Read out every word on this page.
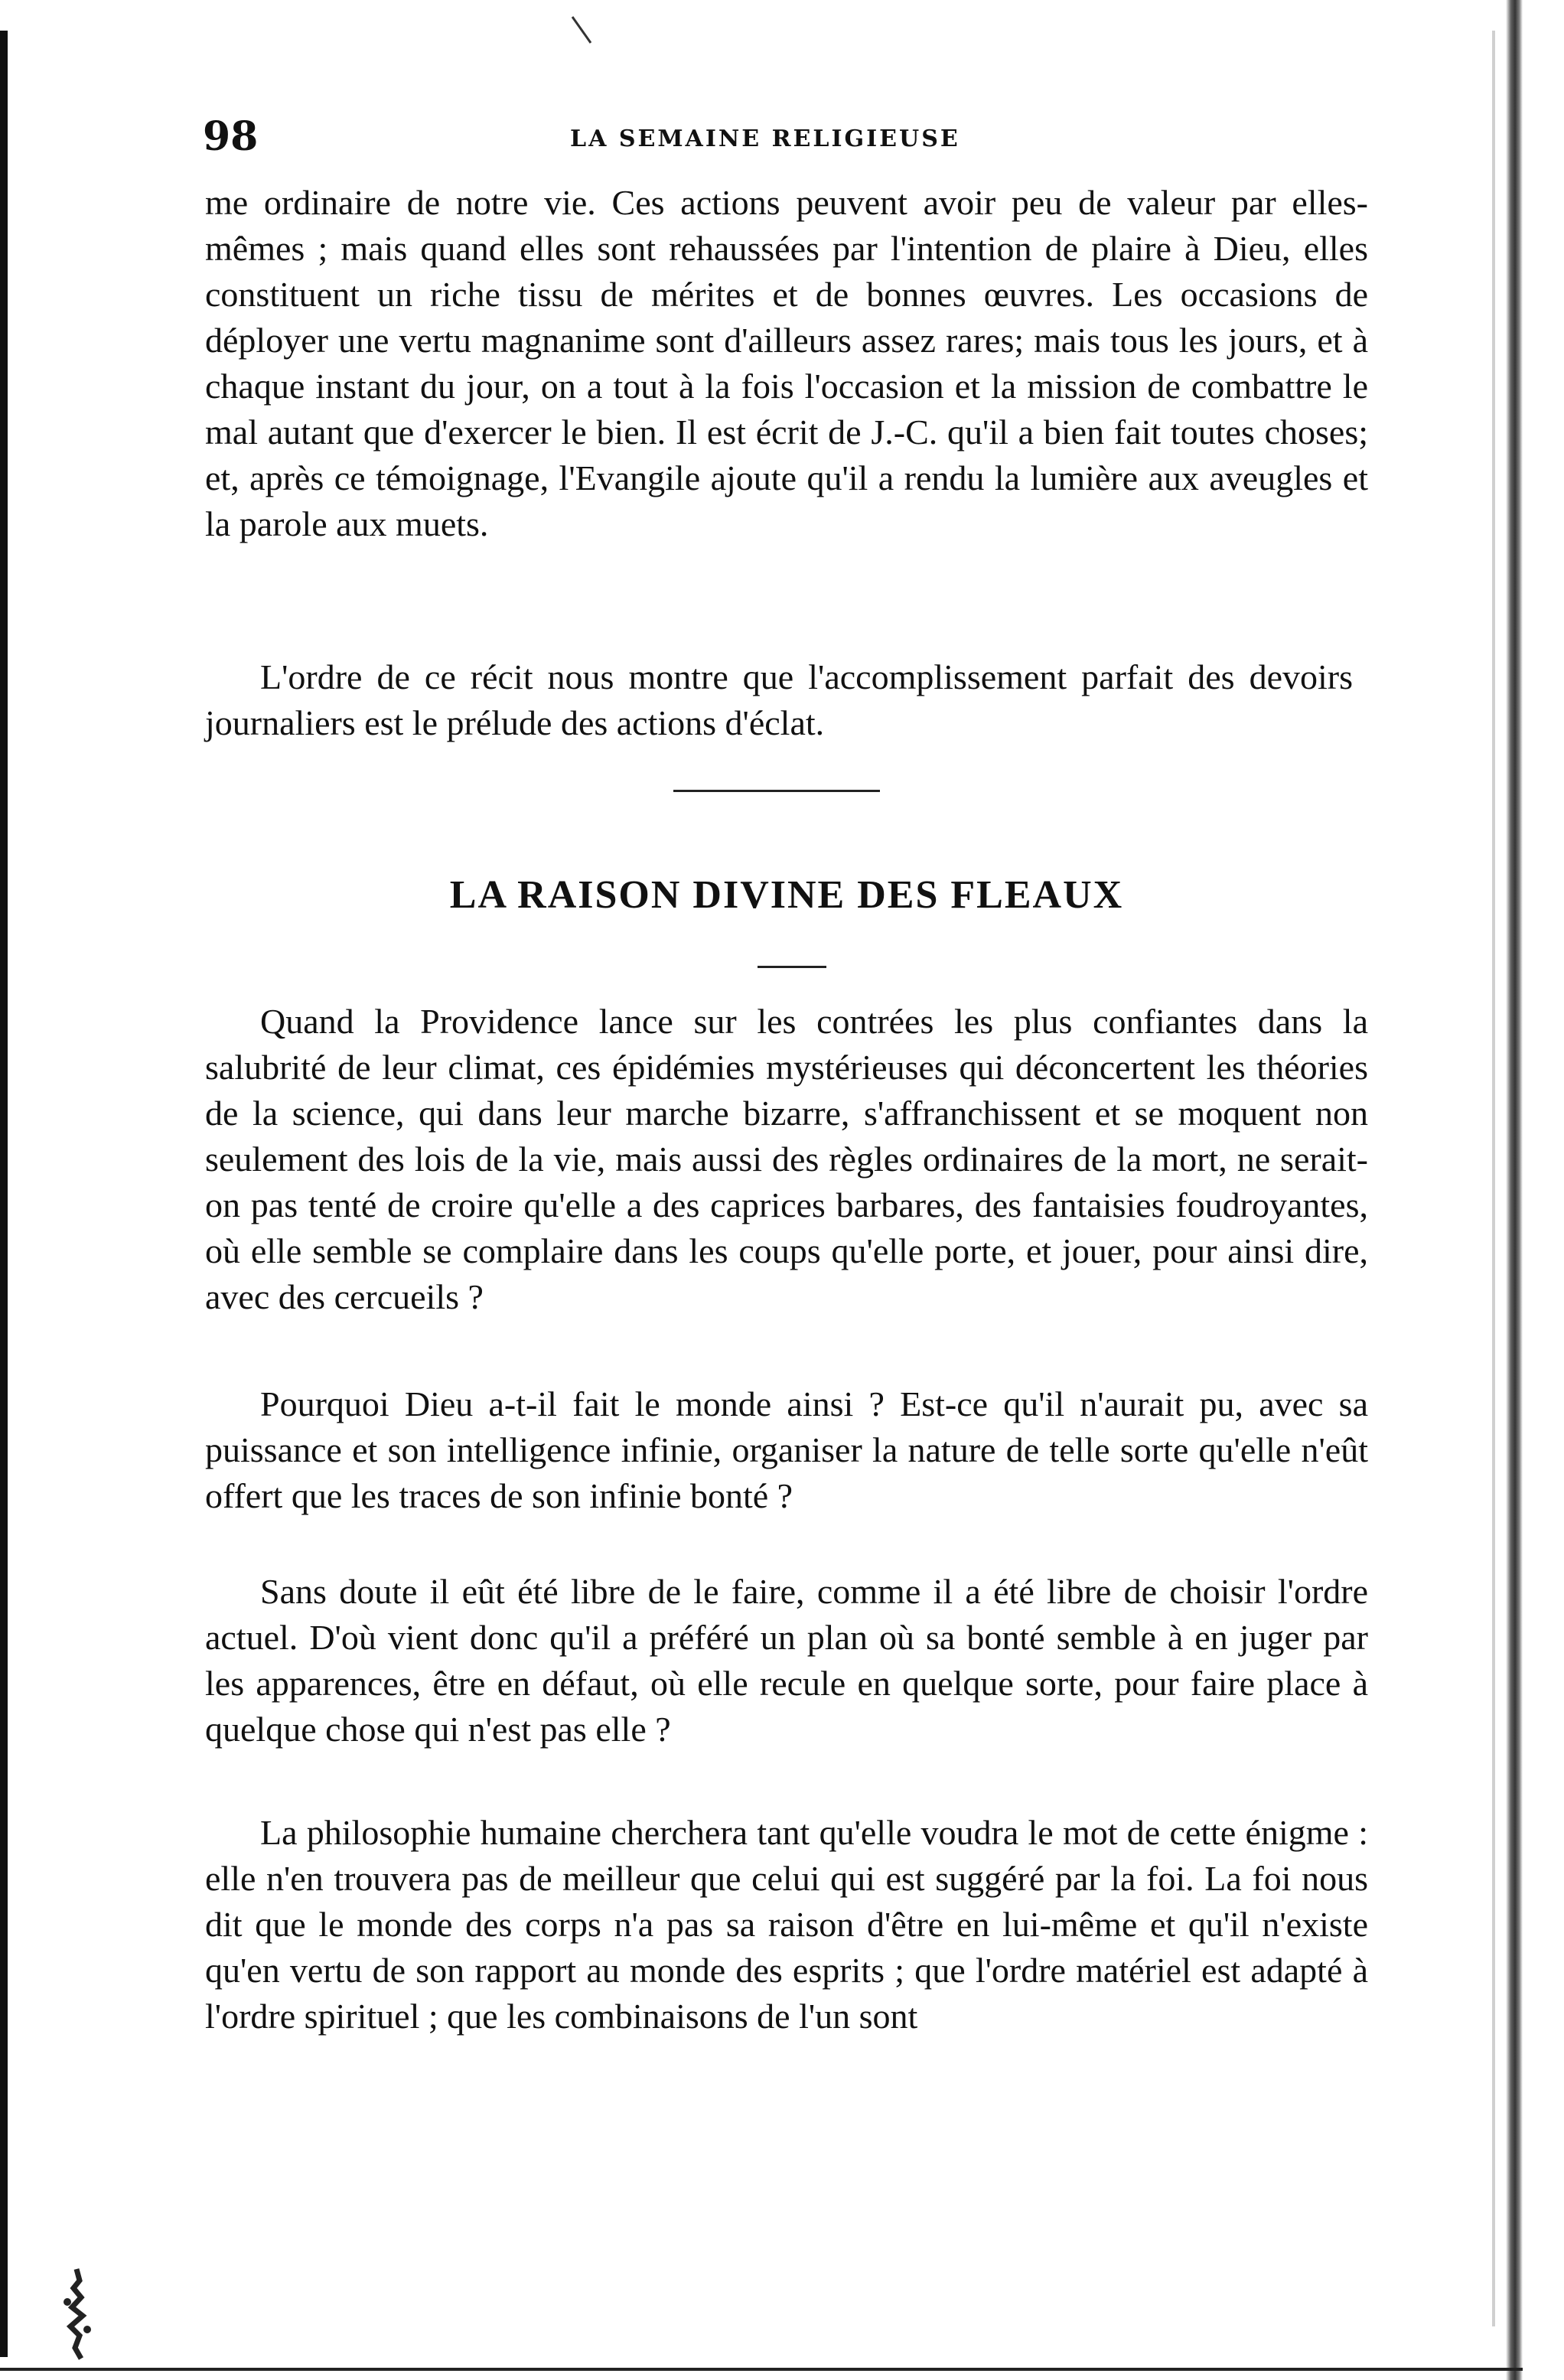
98	LA SEMAINE RELIGIEUSE

me ordinaire de notre vie. Ces actions peuvent avoir peu de valeur par elles-mêmes ; mais quand elles sont rehaussées par l'intention de plaire à Dieu, elles constituent un riche tissu de mérites et de bonnes œuvres. Les occasions de déployer une vertu magnanime sont d'ailleurs assez rares; mais tous les jours, et à chaque instant du jour, on a tout à la fois l'occasion et la mission de combattre le mal autant que d'exercer le bien. Il est écrit de J.-C. qu'il a bien fait toutes choses; et, après ce témoignage, l'Evangile ajoute qu'il a rendu la lumière aux aveugles et la parole aux muets.

L'ordre de ce récit nous montre que l'accomplissement parfait des devoirs journaliers est le prélude des actions d'éclat.

LA RAISON DIVINE DES FLEAUX

Quand la Providence lance sur les contrées les plus confiantes dans la salubrité de leur climat, ces épidémies mystérieuses qui déconcertent les théories de la science, qui dans leur marche bizarre, s'affranchissent et se moquent non seulement des lois de la vie, mais aussi des règles ordinaires de la mort, ne serait-on pas tenté de croire qu'elle a des caprices barbares, des fantaisies foudroyantes, où elle semble se complaire dans les coups qu'elle porte, et jouer, pour ainsi dire, avec des cercueils ?

Pourquoi Dieu a-t-il fait le monde ainsi ? Est-ce qu'il n'aurait pu, avec sa puissance et son intelligence infinie, organiser la nature de telle sorte qu'elle n'eût offert que les traces de son infinie bonté ?

Sans doute il eût été libre de le faire, comme il a été libre de choisir l'ordre actuel. D'où vient donc qu'il a préféré un plan où sa bonté semble à en juger par les apparences, être en défaut, où elle recule en quelque sorte, pour faire place à quelque chose qui n'est pas elle ?

La philosophie humaine cherchera tant qu'elle voudra le mot de cette énigme : elle n'en trouvera pas de meilleur que celui qui est suggéré par la foi. La foi nous dit que le monde des corps n'a pas sa raison d'être en lui-même et qu'il n'existe qu'en vertu de son rapport au monde des esprits ; que l'ordre matériel est adapté à l'ordre spirituel ; que les combinaisons de l'un sont
